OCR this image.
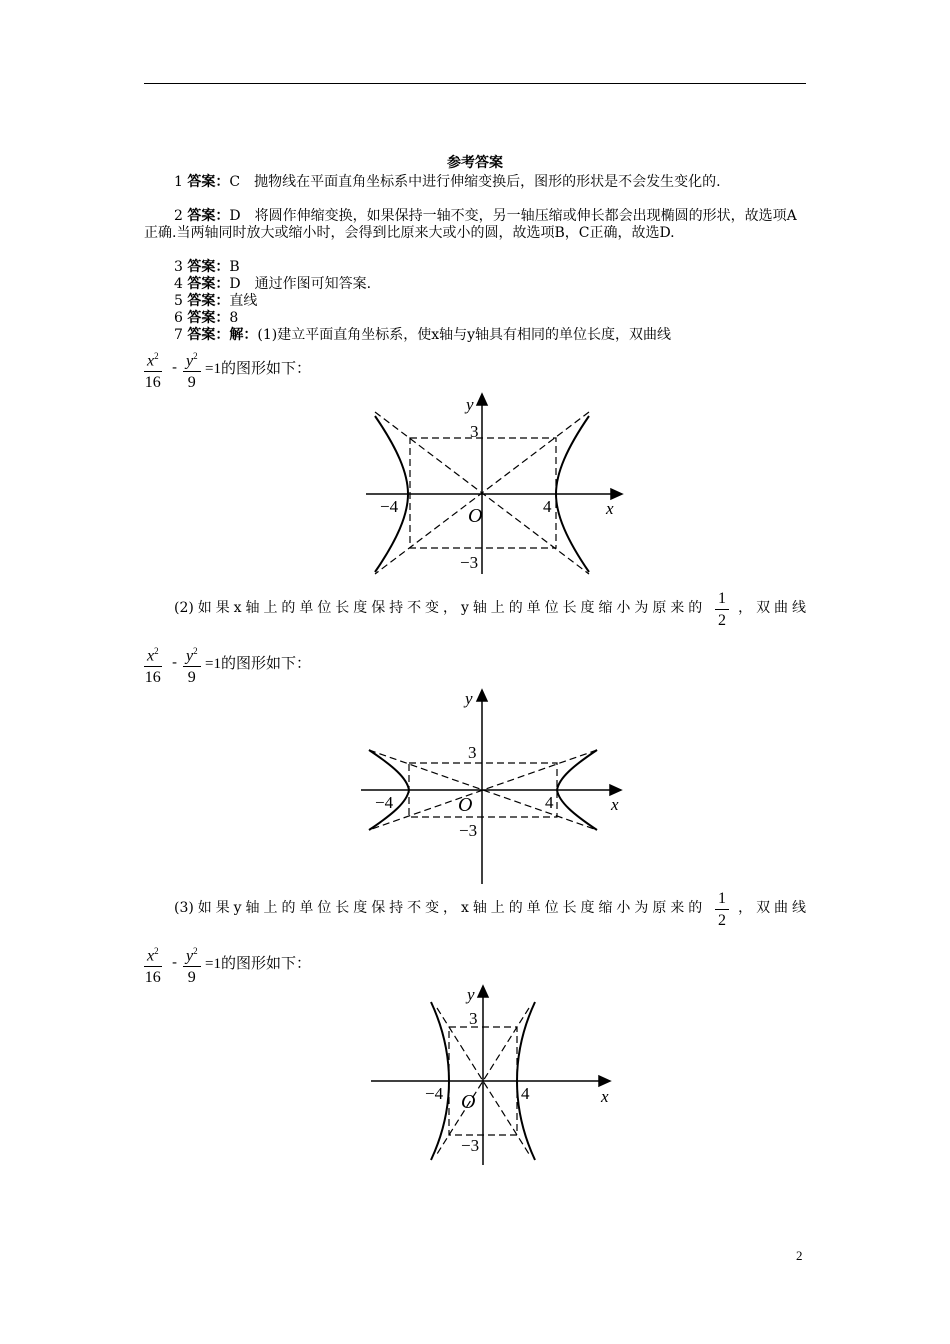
参考答案
1 答案：C　抛物线在平面直角坐标系中进行伸缩变换后，图形的形状是不会发生变化的.
2 答案：D　将圆作伸缩变换，如果保持一轴不变，另一轴压缩或伸长都会出现椭圆的形状，故选项A正确.当两轴同时放大或缩小时，会得到比原来大或小的圆，故选项B，C正确，故选D.
3 答案：B
4 答案：D　通过作图可知答案.
5 答案：直线
6 答案：8
7 答案：解：(1)建立平面直角坐标系，使x轴与y轴具有相同的单位长度，双曲线
$\frac{x^2}{16} - \frac{y^2}{9} =1$的图形如下：
y
3
−4	O	4	x
−3
(2)如果x轴上的单位长度保持不变，y轴上的单位长度缩小为原来的 ，双曲线
$\frac{1}{2}$
$\frac{x^2}{16} - \frac{y^2}{9} =1$的图形如下：
y
3
−4	O	4	x
−3
(3)如果y轴上的单位长度保持不变，x轴上的单位长度缩小为原来的 ，双曲线
$\frac{1}{2}$
$\frac{x^2}{16} - \frac{y^2}{9} =1$的图形如下：
y
3
−4 O	4	x
−3
2
